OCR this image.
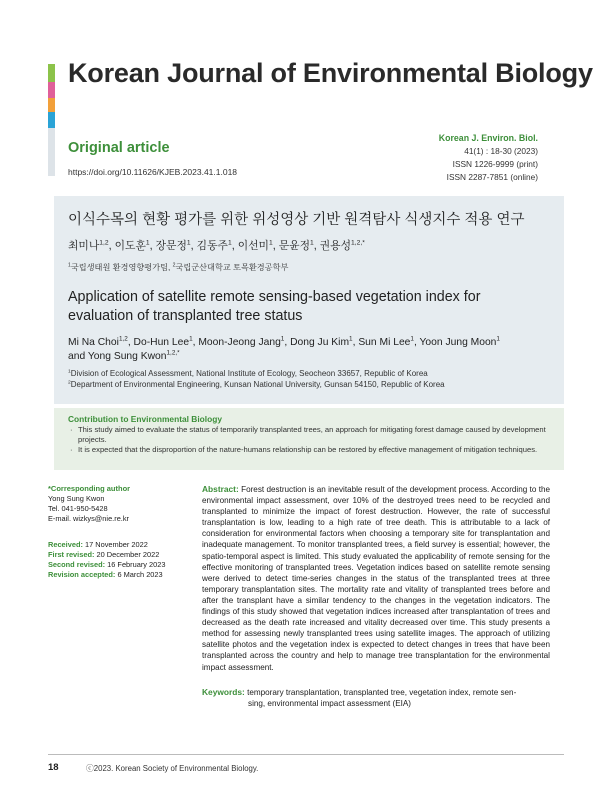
Korean Journal of Environmental Biology
Original article
https://doi.org/10.11626/KJEB.2023.41.1.018
Korean J. Environ. Biol.
41(1) : 18-30 (2023)
ISSN 1226-9999 (print)
ISSN 2287-7851 (online)
이식수목의 현황 평가를 위한 위성영상 기반 원격탐사 식생지수 적용 연구
최미나$^{1,2}$, 이도훈$^1$, 장문정$^1$, 김동주$^1$, 이선미$^1$, 문윤정$^1$, 권용성$^{1,2,*}$
$^1$국립생태원 환경영향평가팀, $^2$국립군산대학교 토목환경공학부
Application of satellite remote sensing-based vegetation index for evaluation of transplanted tree status
Mi Na Choi$^{1,2}$, Do-Hun Lee$^1$, Moon-Jeong Jang$^1$, Dong Ju Kim$^1$, Sun Mi Lee$^1$, Yoon Jung Moon$^1$
and Yong Sung Kwon$^{1,2,*}$
$^1$Division of Ecological Assessment, National Institute of Ecology, Seocheon 33657, Republic of Korea
$^2$Department of Environmental Engineering, Kunsan National University, Gunsan 54150, Republic of Korea
Contribution to Environmental Biology
· This study aimed to evaluate the status of temporarily transplanted trees, an approach for mitigating forest damage caused by development projects.
· It is expected that the disproportion of the nature-humans relationship can be restored by effective management of mitigation techniques.
*Corresponding author
Yong Sung Kwon
Tel. 041-950-5428
E-mail. wizkys@nie.re.kr
Received: 17 November 2022
First revised: 20 December 2022
Second revised: 16 February 2023
Revision accepted: 6 March 2023
Abstract: Forest destruction is an inevitable result of the development process. According to the environmental impact assessment, over 10% of the destroyed trees need to be recycled and transplanted to minimize the impact of forest destruction. However, the rate of successful transplantation is low, leading to a high rate of tree death. This is attributable to a lack of consideration for environmental factors when choosing a temporary site for transplantation and inadequate management. To monitor transplanted trees, a field survey is essential; however, the spatio-temporal aspect is limited. This study evaluated the applicability of remote sensing for the effective monitoring of transplanted trees. Vegetation indices based on satellite remote sensing were derived to detect time-series changes in the status of the transplanted trees at three temporary transplantation sites. The mortality rate and vitality of transplanted trees before and after the transplant have a similar tendency to the changes in the vegetation indicators. The findings of this study showed that vegetation indices increased after transplantation of trees and decreased as the death rate increased and vitality decreased over time. This study presents a method for assessing newly transplanted trees using satellite images. The approach of utilizing satellite photos and the vegetation index is expected to detect changes in trees that have been transplanted across the country and help to manage tree transplantation for the environmental impact assessment.
Keywords: temporary transplantation, transplanted tree, vegetation index, remote sen-
sing, environmental impact assessment (EIA)
18	ⓒ2023. Korean Society of Environmental Biology.
